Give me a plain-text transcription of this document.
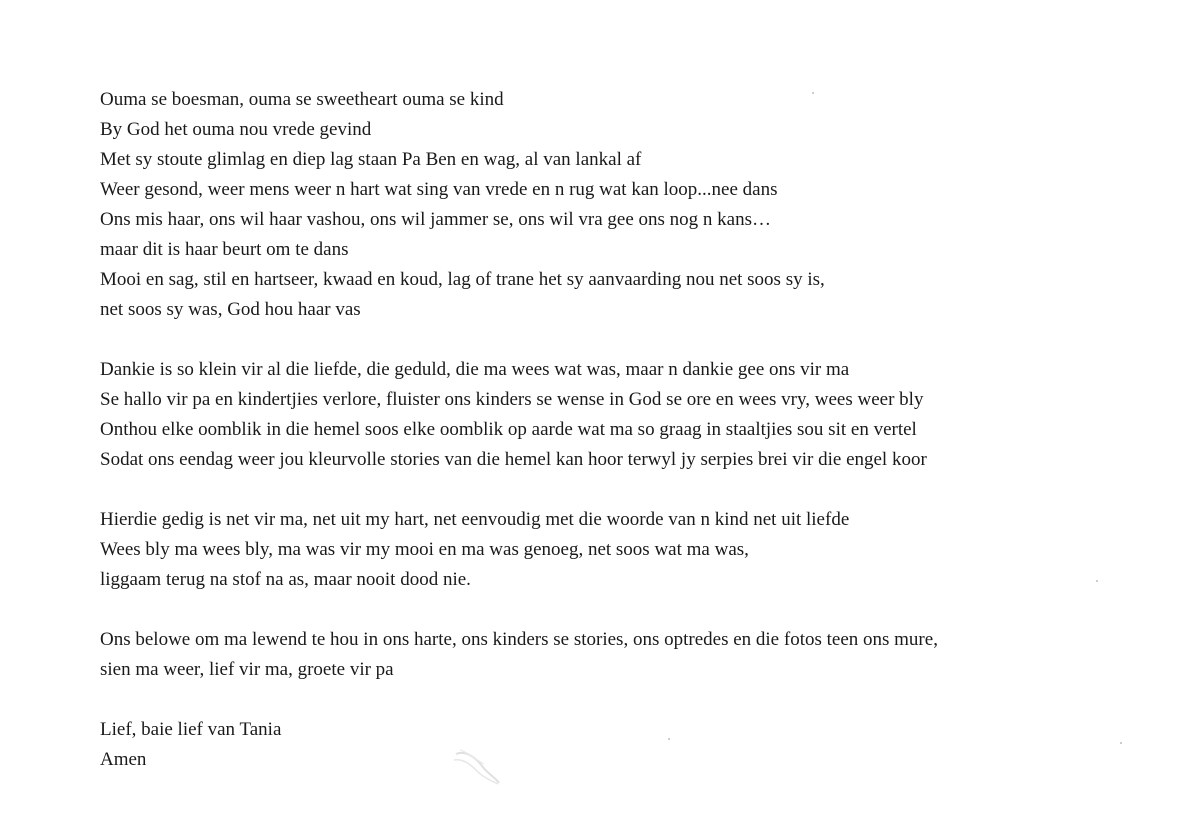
Ouma se boesman, ouma se sweetheart ouma se kind
By God het ouma nou vrede gevind
Met sy stoute glimlag en diep lag staan Pa Ben en wag, al van lankal af
Weer gesond, weer mens weer n hart wat sing van vrede en n rug wat kan loop...nee dans
Ons mis haar, ons wil haar vashou, ons wil jammer se, ons wil vra gee ons nog n kans…
maar dit is haar beurt om te dans
Mooi en sag, stil en hartseer, kwaad en koud, lag of trane het sy aanvaarding nou net soos sy is,
net soos sy was, God hou haar vas
Dankie is so klein vir al die liefde, die geduld, die ma wees wat was, maar n dankie gee ons vir ma
Se hallo vir pa en kindertjies verlore, fluister ons kinders se wense in God se ore en wees vry, wees weer bly
Onthou elke oomblik in die hemel soos elke oomblik op aarde wat ma so graag in staaltjies sou sit en vertel
Sodat ons eendag weer jou kleurvolle stories van die hemel kan hoor terwyl jy serpies brei vir die engel koor
Hierdie gedig is net vir ma, net uit my hart, net eenvoudig met die woorde van n kind net uit liefde
Wees bly ma wees bly, ma was vir my mooi en ma was genoeg, net soos wat ma was,
liggaam terug na stof na as, maar nooit dood nie.
Ons belowe om ma lewend te hou in ons harte, ons kinders se stories, ons optredes en die fotos teen ons mure,
sien ma weer, lief vir ma, groete vir pa
Lief, baie lief van Tania
Amen
